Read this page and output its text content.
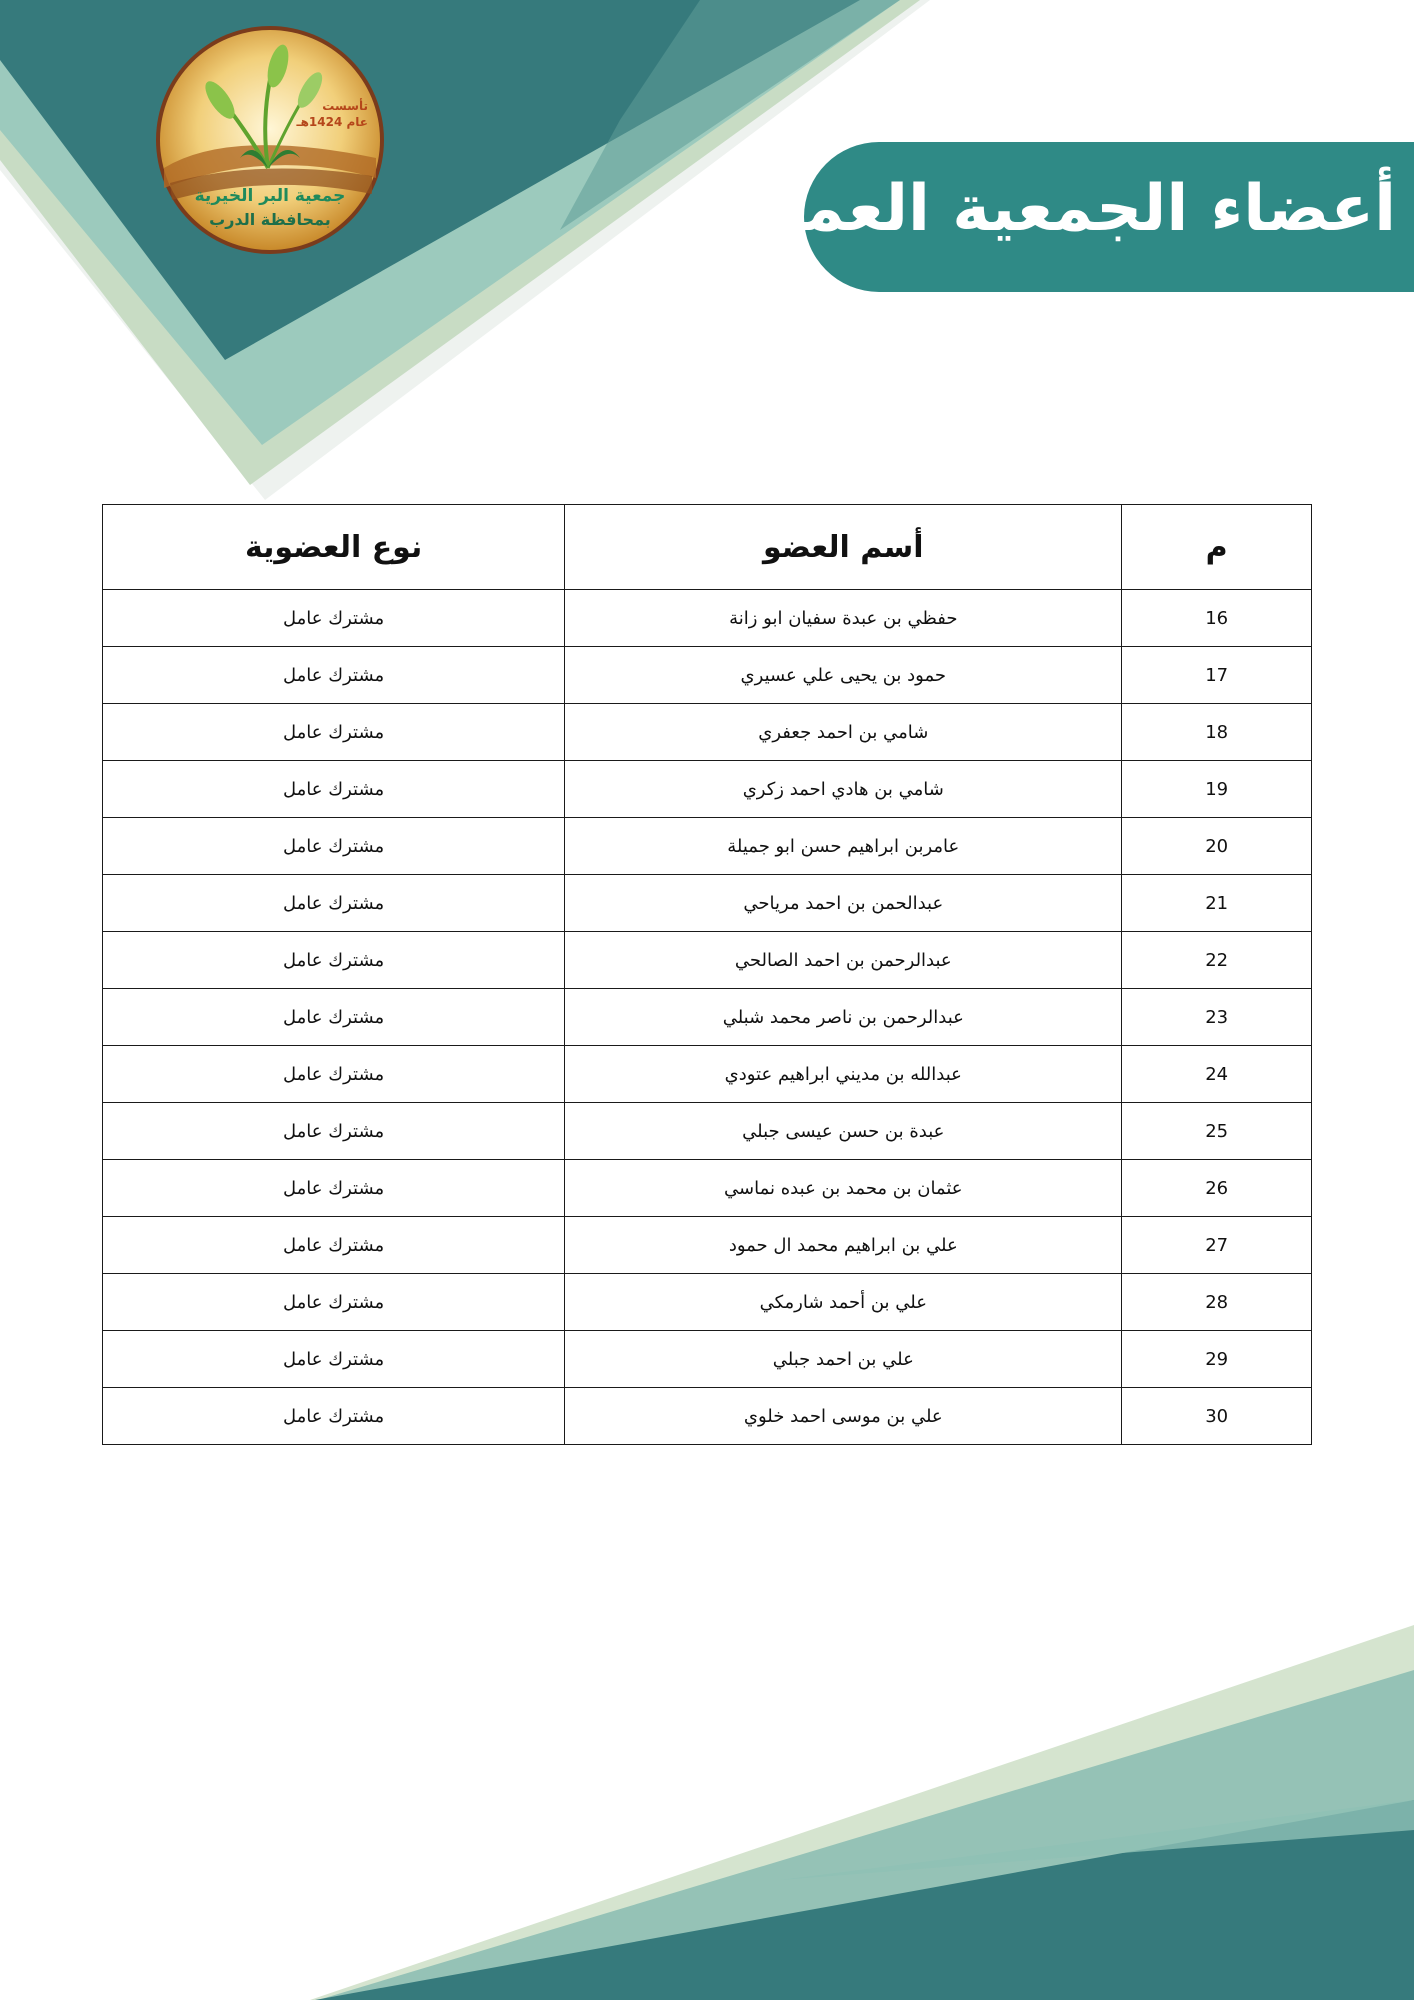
تأسست
عام 1424هـ
جمعية البر الخيرية
بمحافظة الدرب	أعضاء الجمعية العمومية
م	أسم العضو	نوع العضوية
16	حفظي بن عبدة سفيان ابو زانة	مشترك عامل
17	حمود بن يحيى علي عسيري	مشترك عامل
18	شامي بن احمد جعفري	مشترك عامل
19	شامي بن هادي احمد زكري	مشترك عامل
20	عامربن ابراهيم حسن ابو جميلة	مشترك عامل
21	عبدالحمن بن احمد مرياحي	مشترك عامل
22	عبدالرحمن بن احمد الصالحي	مشترك عامل
23	عبدالرحمن بن ناصر محمد شبلي	مشترك عامل
24	عبدالله بن مديني ابراهيم عتودي	مشترك عامل
25	عبدة بن حسن عيسى جبلي	مشترك عامل
26	عثمان بن محمد بن عبده نماسي	مشترك عامل
27	علي بن ابراهيم محمد ال حمود	مشترك عامل
28	علي بن أحمد شارمكي	مشترك عامل
29	علي بن احمد جبلي	مشترك عامل
30	علي بن موسى احمد خلوي	مشترك عامل
